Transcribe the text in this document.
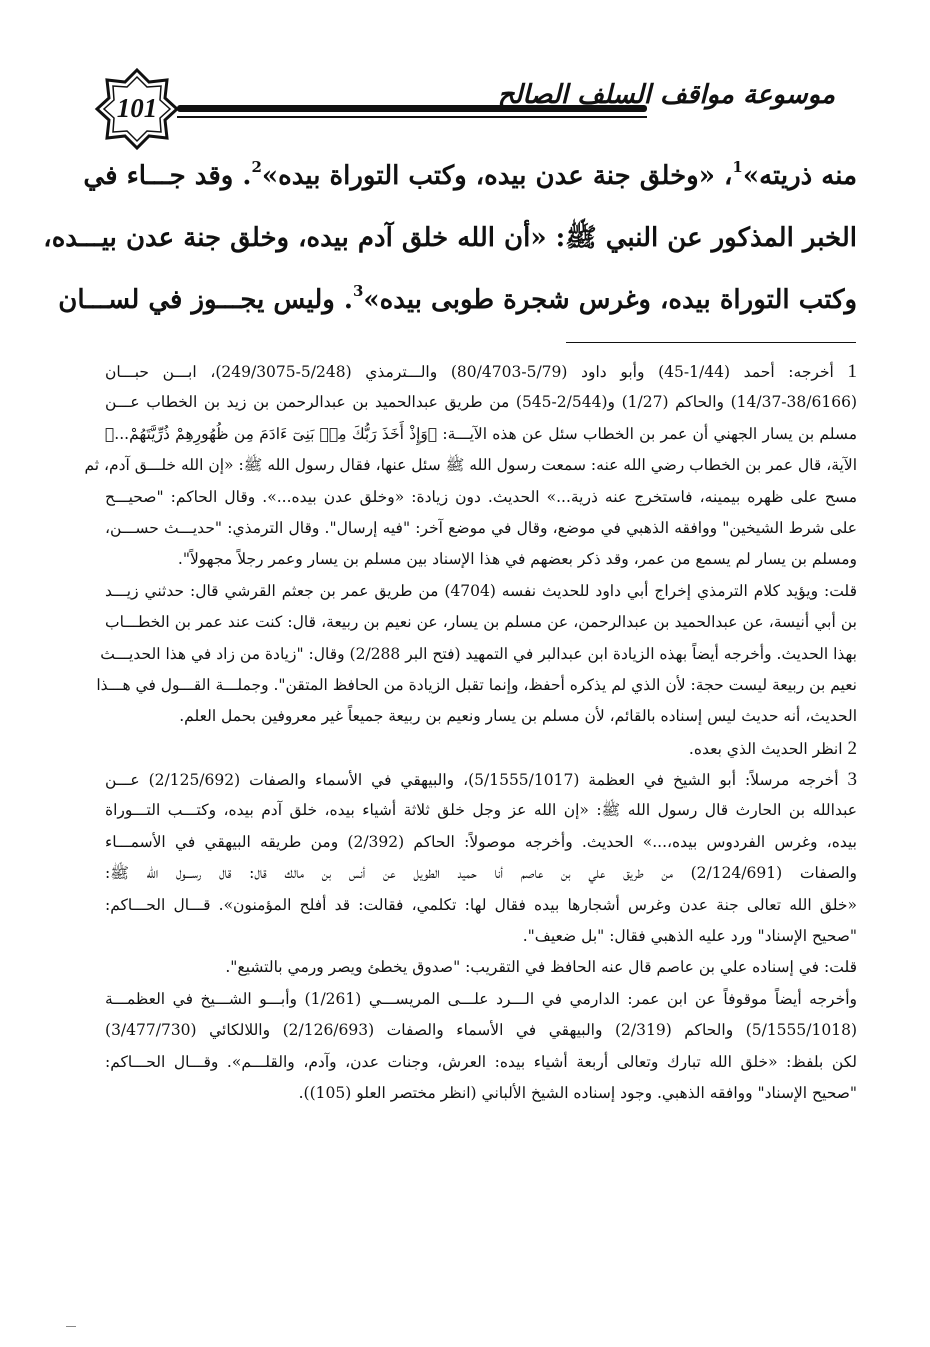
101	موسوعة مواقف السلف الصالح

منه ذريته»$^1$، «وخلق جنة عدن بيده، وكتب التوراة بيده»$^2$. وقد جـــاء في

الخبر المذكور عن النبي ﷺ: «أن الله خلق آدم بيده، وخلق جنة عدن بيـــده،

وكتب التوراة بيده، وغرس شجرة طوبى بيده»$^3$. وليس يجـــوز في لســـان

1 أخرجه: أحمد (1/44-45) وأبو داود (5/79-80/4703) والـــترمذي (5/248-249/3075)، ابـــن حبـــان
(14/37-38/6166) والحاكم (1/27) و(2/544-545) من طريق عبدالحميد بن عبدالرحمن بن زيد بن الخطاب عـــن
مسلم بن يسار الجهني أن عمر بن الخطاب سئل عن هذه الآيـــة: ﴿وَإِذْ أَخَذَ رَبُّكَ مِنۢ بَنِىٓ ءَادَمَ مِن ظُهُورِهِمْ ذُرِّيَّتَهُمْ...﴾
الآية، قال عمر بن الخطاب رضي الله عنه: سمعت رسول الله ﷺ سئل عنها، فقال رسول الله ﷺ: «إن الله خلـــق آدم، ثم
مسح على ظهره بيمينه، فاستخرج عنه ذرية...» الحديث. دون زيادة: «وخلق عدن بيده...». وقال الحاكم: "صحيـــح
على شرط الشيخين" ووافقه الذهبي في موضع، وقال في موضع آخر: "فيه إرسال". وقال الترمذي: "حديـــث حســـن،
ومسلم بن يسار لم يسمع من عمر، وقد ذكر بعضهم في هذا الإسناد بين مسلم بن يسار وعمر رجلاً مجهولاً".
قلت: ويؤيد كلام الترمذي إخراج أبي داود للحديث نفسه (4704) من طريق عمر بن جعثم القرشي قال: حدثني زيـــد
بن أبي أنيسة، عن عبدالحميد بن عبدالرحمن، عن مسلم بن يسار، عن نعيم بن ربيعة، قال: كنت عند عمر بن الخطـــاب
بهذا الحديث. وأخرجه أيضاً بهذه الزيادة ابن عبدالبر في التمهيد (فتح البر 2/288) وقال: "زيادة من زاد في هذا الحديـــث
نعيم بن ربيعة ليست حجة: لأن الذي لم يذكره أحفظ، وإنما تقبل الزيادة من الحافظ المتقن". وجملـــة القـــول في هـــذا
الحديث، أنه حديث ليس إسناده بالقائم، لأن مسلم بن يسار ونعيم بن ربيعة جميعاً غير معروفين بحمل العلم.
2 انظر الحديث الذي بعده.
3 أخرجه مرسلاً: أبو الشيخ في العظمة (5/1555/1017)، والبيهقي في الأسماء والصفات (2/125/692) عـــن
عبدالله بن الحارث قال رسول الله ﷺ: «إن الله عز وجل خلق ثلاثة أشياء بيده، خلق آدم بيده، وكتـــب التـــوراة
بيده، وغرس الفردوس بيده،...» الحديث. وأخرجه موصولاً: الحاكم (2/392) ومن طريقه البيهقي في الأسمـــاء
والصفات (2/124/691) من طريق علي بن عاصم أنا حميد الطويل عن أنس بن مالك قال: قال رســـول الله ﷺ:
«خلق الله تعالى جنة عدن وغرس أشجارها بيده فقال لها: تكلمي، فقالت: قد أفلح المؤمنون». قـــال الحـــاكم:
"صحيح الإسناد" ورد عليه الذهبي فقال: "بل ضعيف".
قلت: في إسناده علي بن عاصم قال عنه الحافظ في التقريب: "صدوق يخطئ ويصر ورمي بالتشيع".
وأخرجه أيضاً موقوفاً عن ابن عمر: الدارمي في الـــرد علـــى المريســـي (1/261) وأبـــو الشـــيخ في العظمـــة
(5/1555/1018) والحاكم (2/319) والبيهقي في الأسماء والصفات (2/126/693) واللالكائي (3/477/730)
لكن بلفظ: «خلق الله تبارك وتعالى أربعة أشياء بيده: العرش، وجنات عدن، وآدم، والقلـــم». وقـــال الحـــاكم:
"صحيح الإسناد" ووافقه الذهبي. وجود إسناده الشيخ الألباني (انظر مختصر العلو (105)).
